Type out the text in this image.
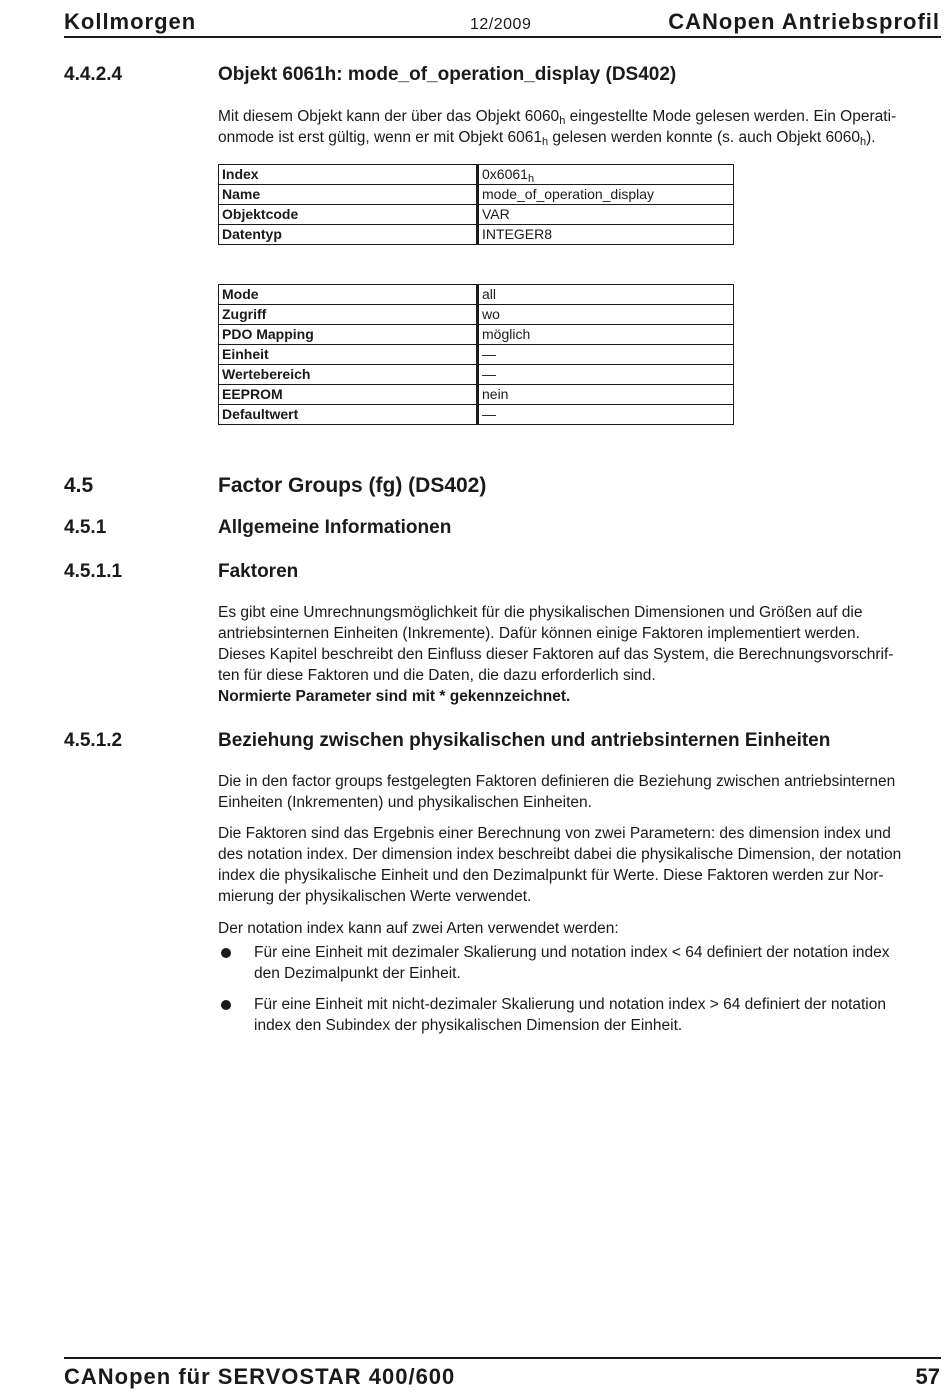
Kollmorgen	12/2009	CANopen Antriebsprofil
4.4.2.4	Objekt 6061h: mode_of_operation_display (DS402)

Mit diesem Objekt kann der über das Objekt $6060_h$ eingestellte Mode gelesen werden. Ein Operati-

onmode ist erst gültig, wenn er mit Objekt $6061_h$ gelesen werden konnte (s. auch Objekt $6060_h$).

Index	$0x6061_h$
Name	mode_of_operation_display
Objektcode	VAR
Datentyp	INTEGER8
Mode	all
Zugriff	wo
PDO Mapping	möglich
Einheit	—
Wertebereich	—
EEPROM	nein
Defaultwert	—
4.5	Factor Groups (fg) (DS402)
4.5.1	Allgemeine Informationen
4.5.1.1	Faktoren

Es gibt eine Umrechnungsmöglichkeit für die physikalischen Dimensionen und Größen auf die

antriebsinternen Einheiten (Inkremente). Dafür können einige Faktoren implementiert werden.

Dieses Kapitel beschreibt den Einfluss dieser Faktoren auf das System, die Berechnungsvorschrif-

ten für diese Faktoren und die Daten, die dazu erforderlich sind.

Normierte Parameter sind mit * gekennzeichnet.

4.5.1.2	Beziehung zwischen physikalischen und antriebsinternen Einheiten

Die in den factor groups festgelegten Faktoren definieren die Beziehung zwischen antriebsinternen

Einheiten (Inkrementen) und physikalischen Einheiten.

Die Faktoren sind das Ergebnis einer Berechnung von zwei Parametern: des dimension index und

des notation index. Der dimension index beschreibt dabei die physikalische Dimension, der notation

index die physikalische Einheit und den Dezimalpunkt für Werte. Diese Faktoren werden zur Nor-

mierung der physikalischen Werte verwendet.

Der notation index kann auf zwei Arten verwendet werden:
Für eine Einheit mit dezimaler Skalierung und notation index < 64 definiert der notation index
den Dezimalpunkt der Einheit.
Für eine Einheit mit nicht-dezimaler Skalierung und notation index > 64 definiert der notation
index den Subindex der physikalischen Dimension der Einheit.
CANopen für SERVOSTAR 400/600	57
